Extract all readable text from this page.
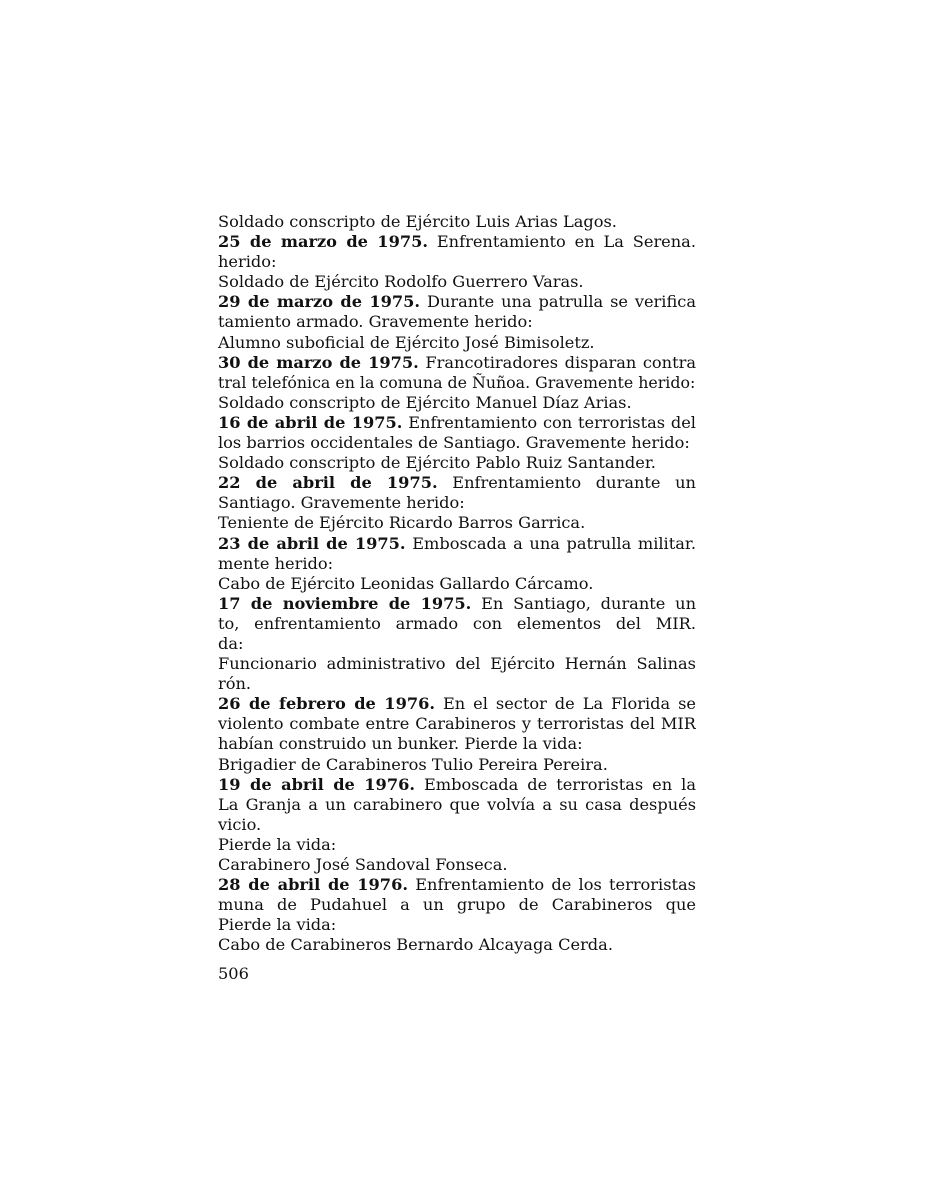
Soldado conscripto de Ejército Luis Arias Lagos.
25 de marzo de 1975. Enfrentamiento en La Serena.
herido:
Soldado de Ejército Rodolfo Guerrero Varas.
29 de marzo de 1975. Durante una patrulla se verifica
tamiento armado. Gravemente herido:
Alumno suboficial de Ejército José Bimisoletz.
30 de marzo de 1975. Francotiradores disparan contra
tral telefónica en la comuna de Ñuñoa. Gravemente herido:
Soldado conscripto de Ejército Manuel Díaz Arias.
16 de abril de 1975. Enfrentamiento con terroristas del
los barrios occidentales de Santiago. Gravemente herido:
Soldado conscripto de Ejército Pablo Ruiz Santander.
22 de abril de 1975. Enfrentamiento durante un
Santiago. Gravemente herido:
Teniente de Ejército Ricardo Barros Garrica.
23 de abril de 1975. Emboscada a una patrulla militar.
mente herido:
Cabo de Ejército Leonidas Gallardo Cárcamo.
17 de noviembre de 1975. En Santiago, durante un
to, enfrentamiento armado con elementos del MIR.
da:
Funcionario administrativo del Ejército Hernán Salinas
rón.
26 de febrero de 1976. En el sector de La Florida se
violento combate entre Carabineros y terroristas del MIR
habían construido un bunker. Pierde la vida:
Brigadier de Carabineros Tulio Pereira Pereira.
19 de abril de 1976. Emboscada de terroristas en la
La Granja a un carabinero que volvía a su casa después
vicio.
Pierde la vida:
Carabinero José Sandoval Fonseca.
28 de abril de 1976. Enfrentamiento de los terroristas
muna de Pudahuel a un grupo de Carabineros que
Pierde la vida:
Cabo de Carabineros Bernardo Alcayaga Cerda.
506
